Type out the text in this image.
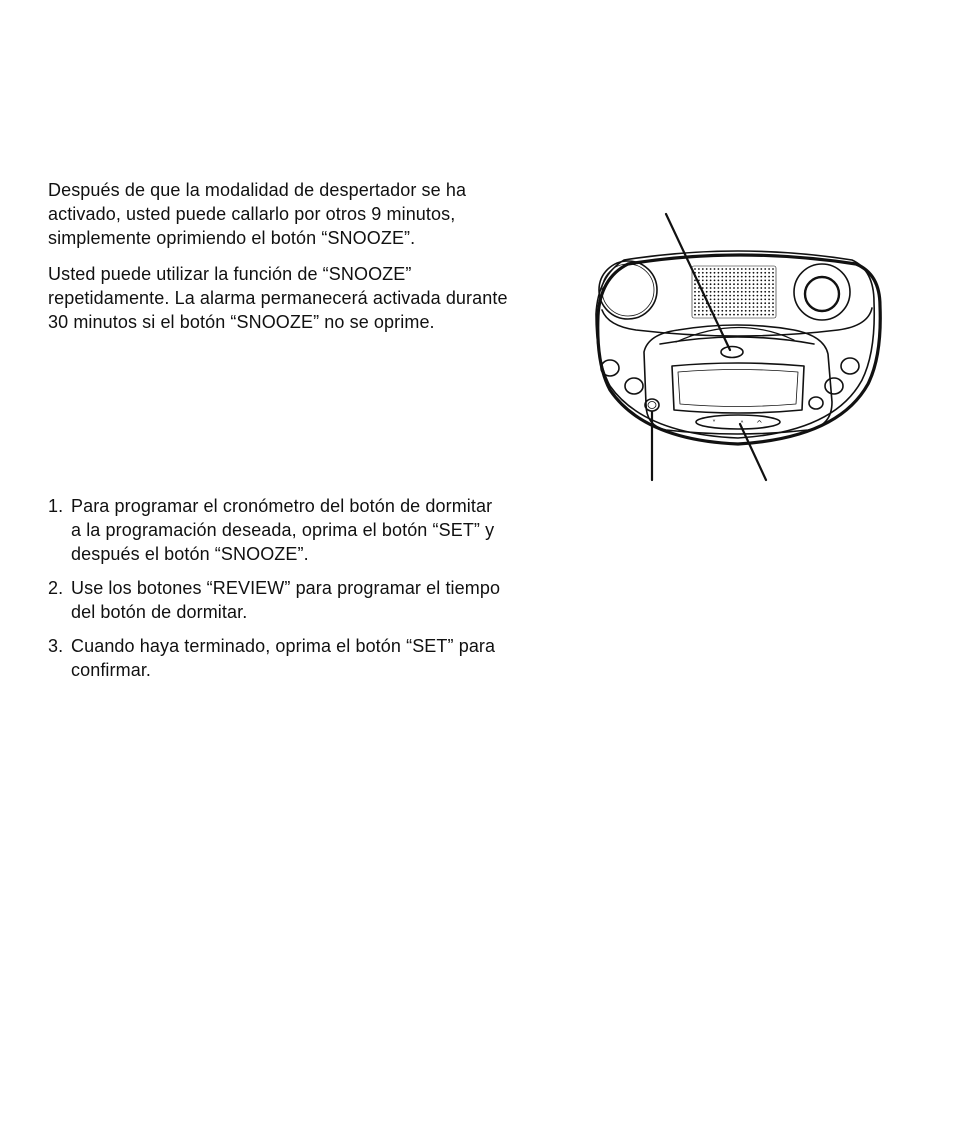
Después de que la modalidad de despertador se ha
activado, usted puede callarlo por otros 9 minutos,
simplemente oprimiendo el botón “SNOOZE”.

Usted puede utilizar la función de “SNOOZE”
repetidamente. La alarma permanecerá activada durante
30 minutos si el botón “SNOOZE” no se oprime.

1. Para programar el cronómetro del botón de dormitar
a la programación deseada, oprima el botón “SET” y
después el botón “SNOOZE”.
2. Use los botones “REVIEW” para programar el tiempo
del botón de dormitar.
3. Cuando haya terminado, oprima el botón “SET” para
confirmar.
˅	˄ ^
